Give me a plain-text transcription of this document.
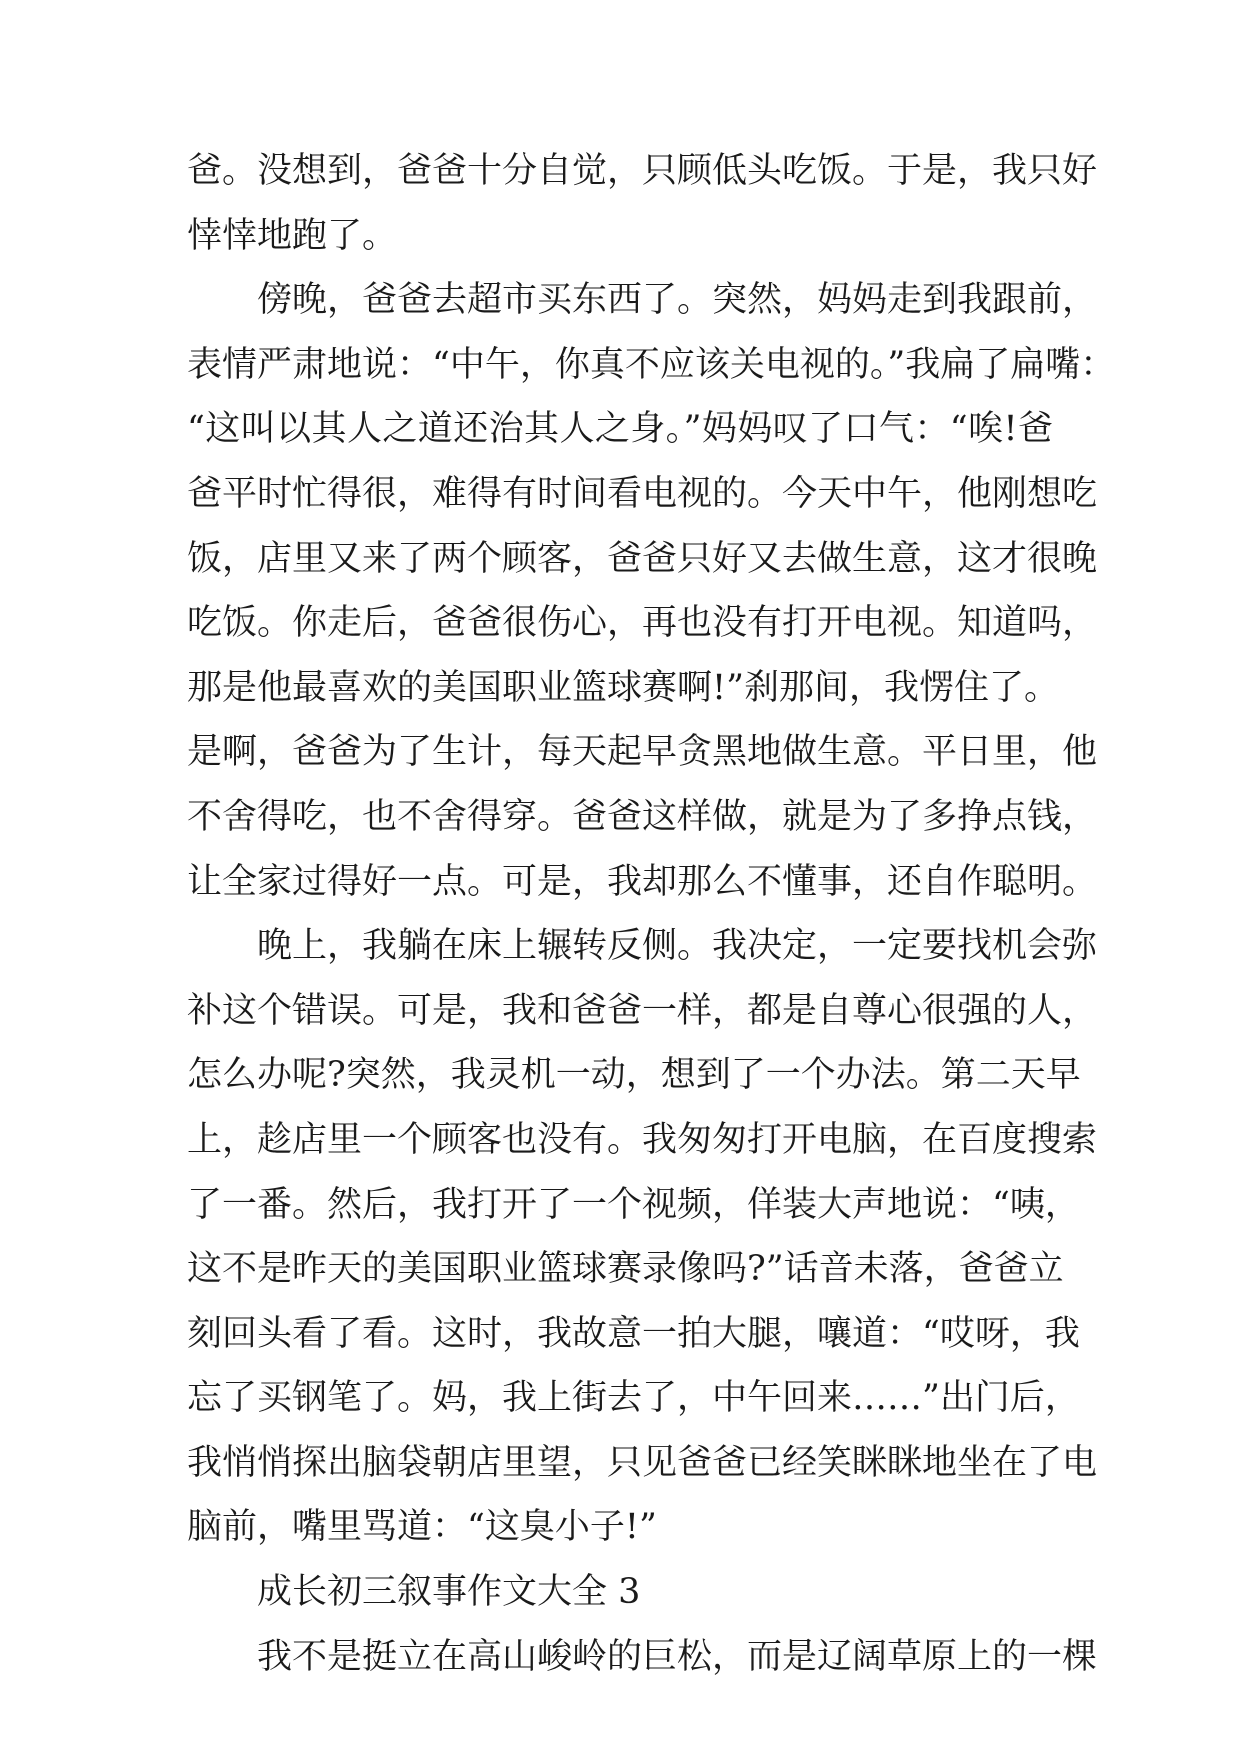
爸。没想到，爸爸十分自觉，只顾低头吃饭。于是，我只好
悻悻地跑了。
傍晚，爸爸去超市买东西了。突然，妈妈走到我跟前，
表情严肃地说：“中午，你真不应该关电视的。”我扁了扁嘴：
“这叫以其人之道还治其人之身。”妈妈叹了口气：“唉!爸
爸平时忙得很，难得有时间看电视的。今天中午，他刚想吃
饭，店里又来了两个顾客，爸爸只好又去做生意，这才很晚
吃饭。你走后，爸爸很伤心，再也没有打开电视。知道吗，
那是他最喜欢的美国职业篮球赛啊!”刹那间，我愣住了。
是啊，爸爸为了生计，每天起早贪黑地做生意。平日里，他
不舍得吃，也不舍得穿。爸爸这样做，就是为了多挣点钱，
让全家过得好一点。可是，我却那么不懂事，还自作聪明。
晚上，我躺在床上辗转反侧。我决定，一定要找机会弥
补这个错误。可是，我和爸爸一样，都是自尊心很强的人，
怎么办呢?突然，我灵机一动，想到了一个办法。第二天早
上，趁店里一个顾客也没有。我匆匆打开电脑，在百度搜索
了一番。然后，我打开了一个视频，佯装大声地说：“咦，
这不是昨天的美国职业篮球赛录像吗?”话音未落，爸爸立
刻回头看了看。这时，我故意一拍大腿，嚷道：“哎呀，我
忘了买钢笔了。妈，我上街去了，中午回来……”出门后，
我悄悄探出脑袋朝店里望，只见爸爸已经笑眯眯地坐在了电
脑前，嘴里骂道：“这臭小子!”
成长初三叙事作文大全 3
我不是挺立在高山峻岭的巨松，而是辽阔草原上的一棵
